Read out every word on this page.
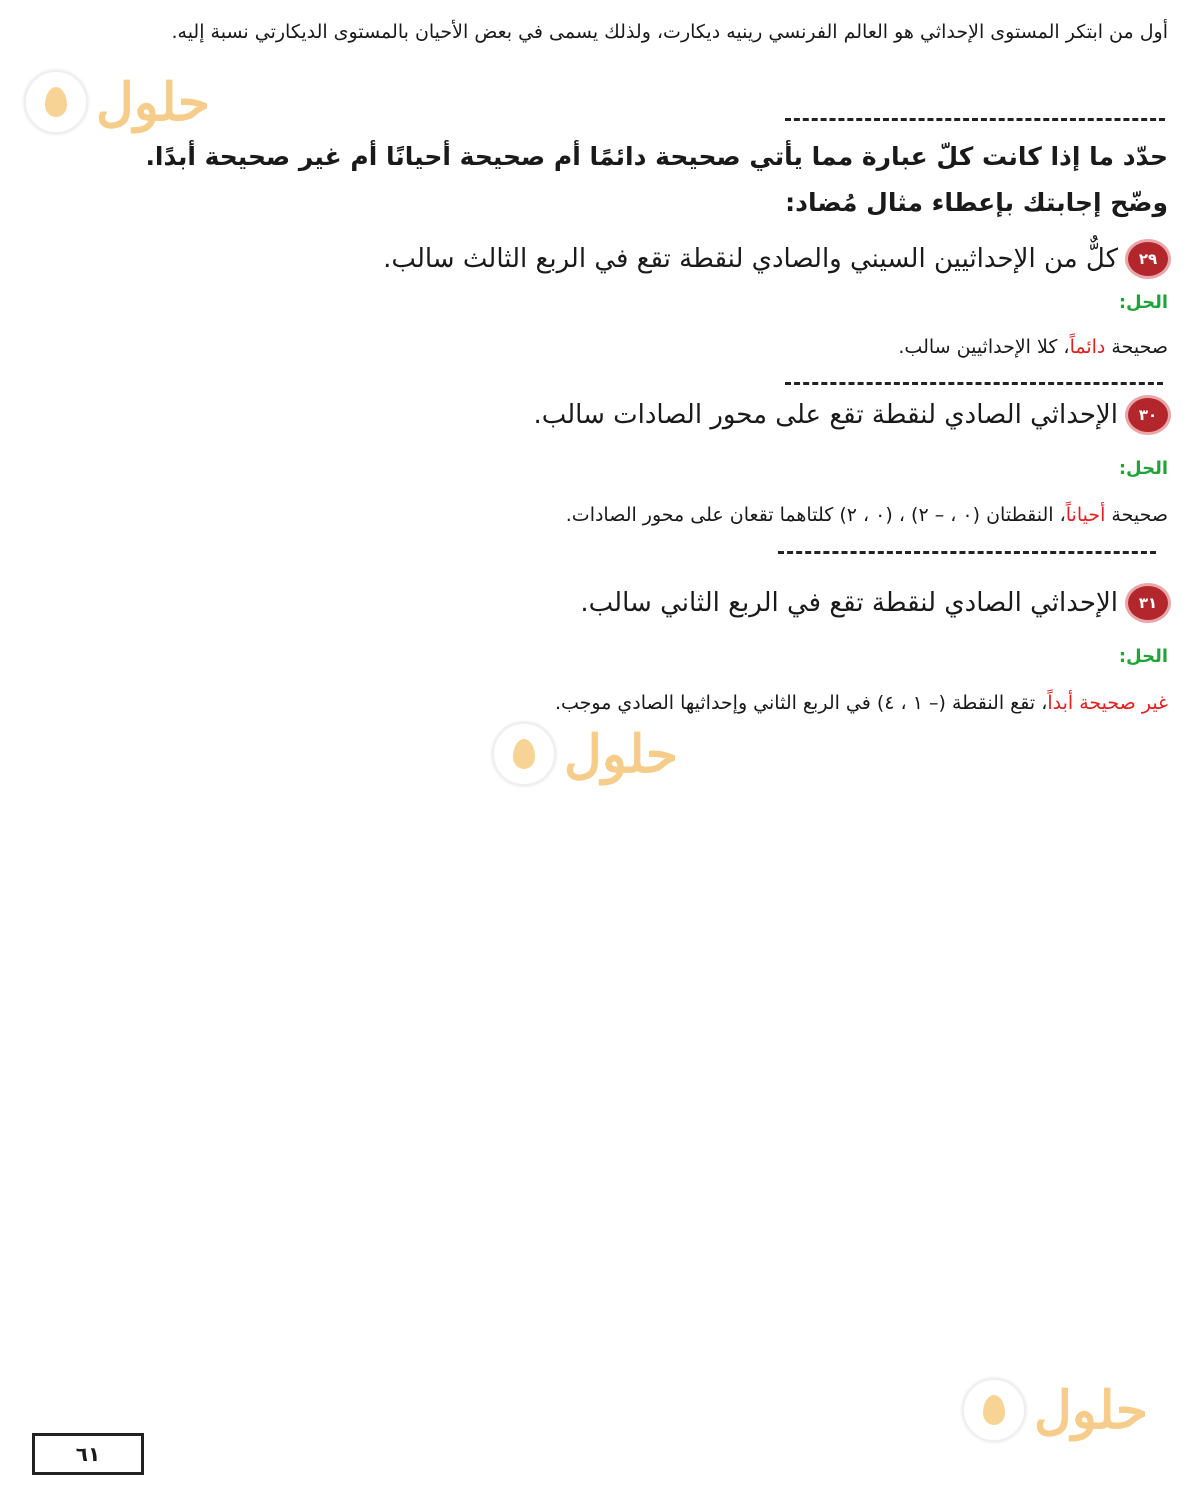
حلول
حلول
حلول
أول من ابتكر المستوى الإحداثي هو العالم الفرنسي رينيه ديكارت، ولذلك يسمى في بعض الأحيان بالمستوى الديكارتي نسبة إليه.
حدّد ما إذا كانت كلّ عبارة مما يأتي صحيحة دائمًا أم صحيحة أحيانًا أم غير صحيحة أبدًا.
وضّح إجابتك بإعطاء مثال مُضاد:
٢٩
كلٌّ من الإحداثيين السيني والصادي لنقطة تقع في الربع الثالث سالب.
الحل:
صحيحة دائماً، كلا الإحداثيين سالب.
٣٠
الإحداثي الصادي لنقطة تقع على محور الصادات سالب.
الحل:
صحيحة أحياناً، النقطتان (٠ ، – ٢) ، (٠ ، ٢) كلتاهما تقعان على محور الصادات.
٣١
الإحداثي الصادي لنقطة تقع في الربع الثاني سالب.
الحل:
غير صحيحة أبداً، تقع النقطة (– ١ ، ٤) في الربع الثاني وإحداثيها الصادي موجب.
٦١
